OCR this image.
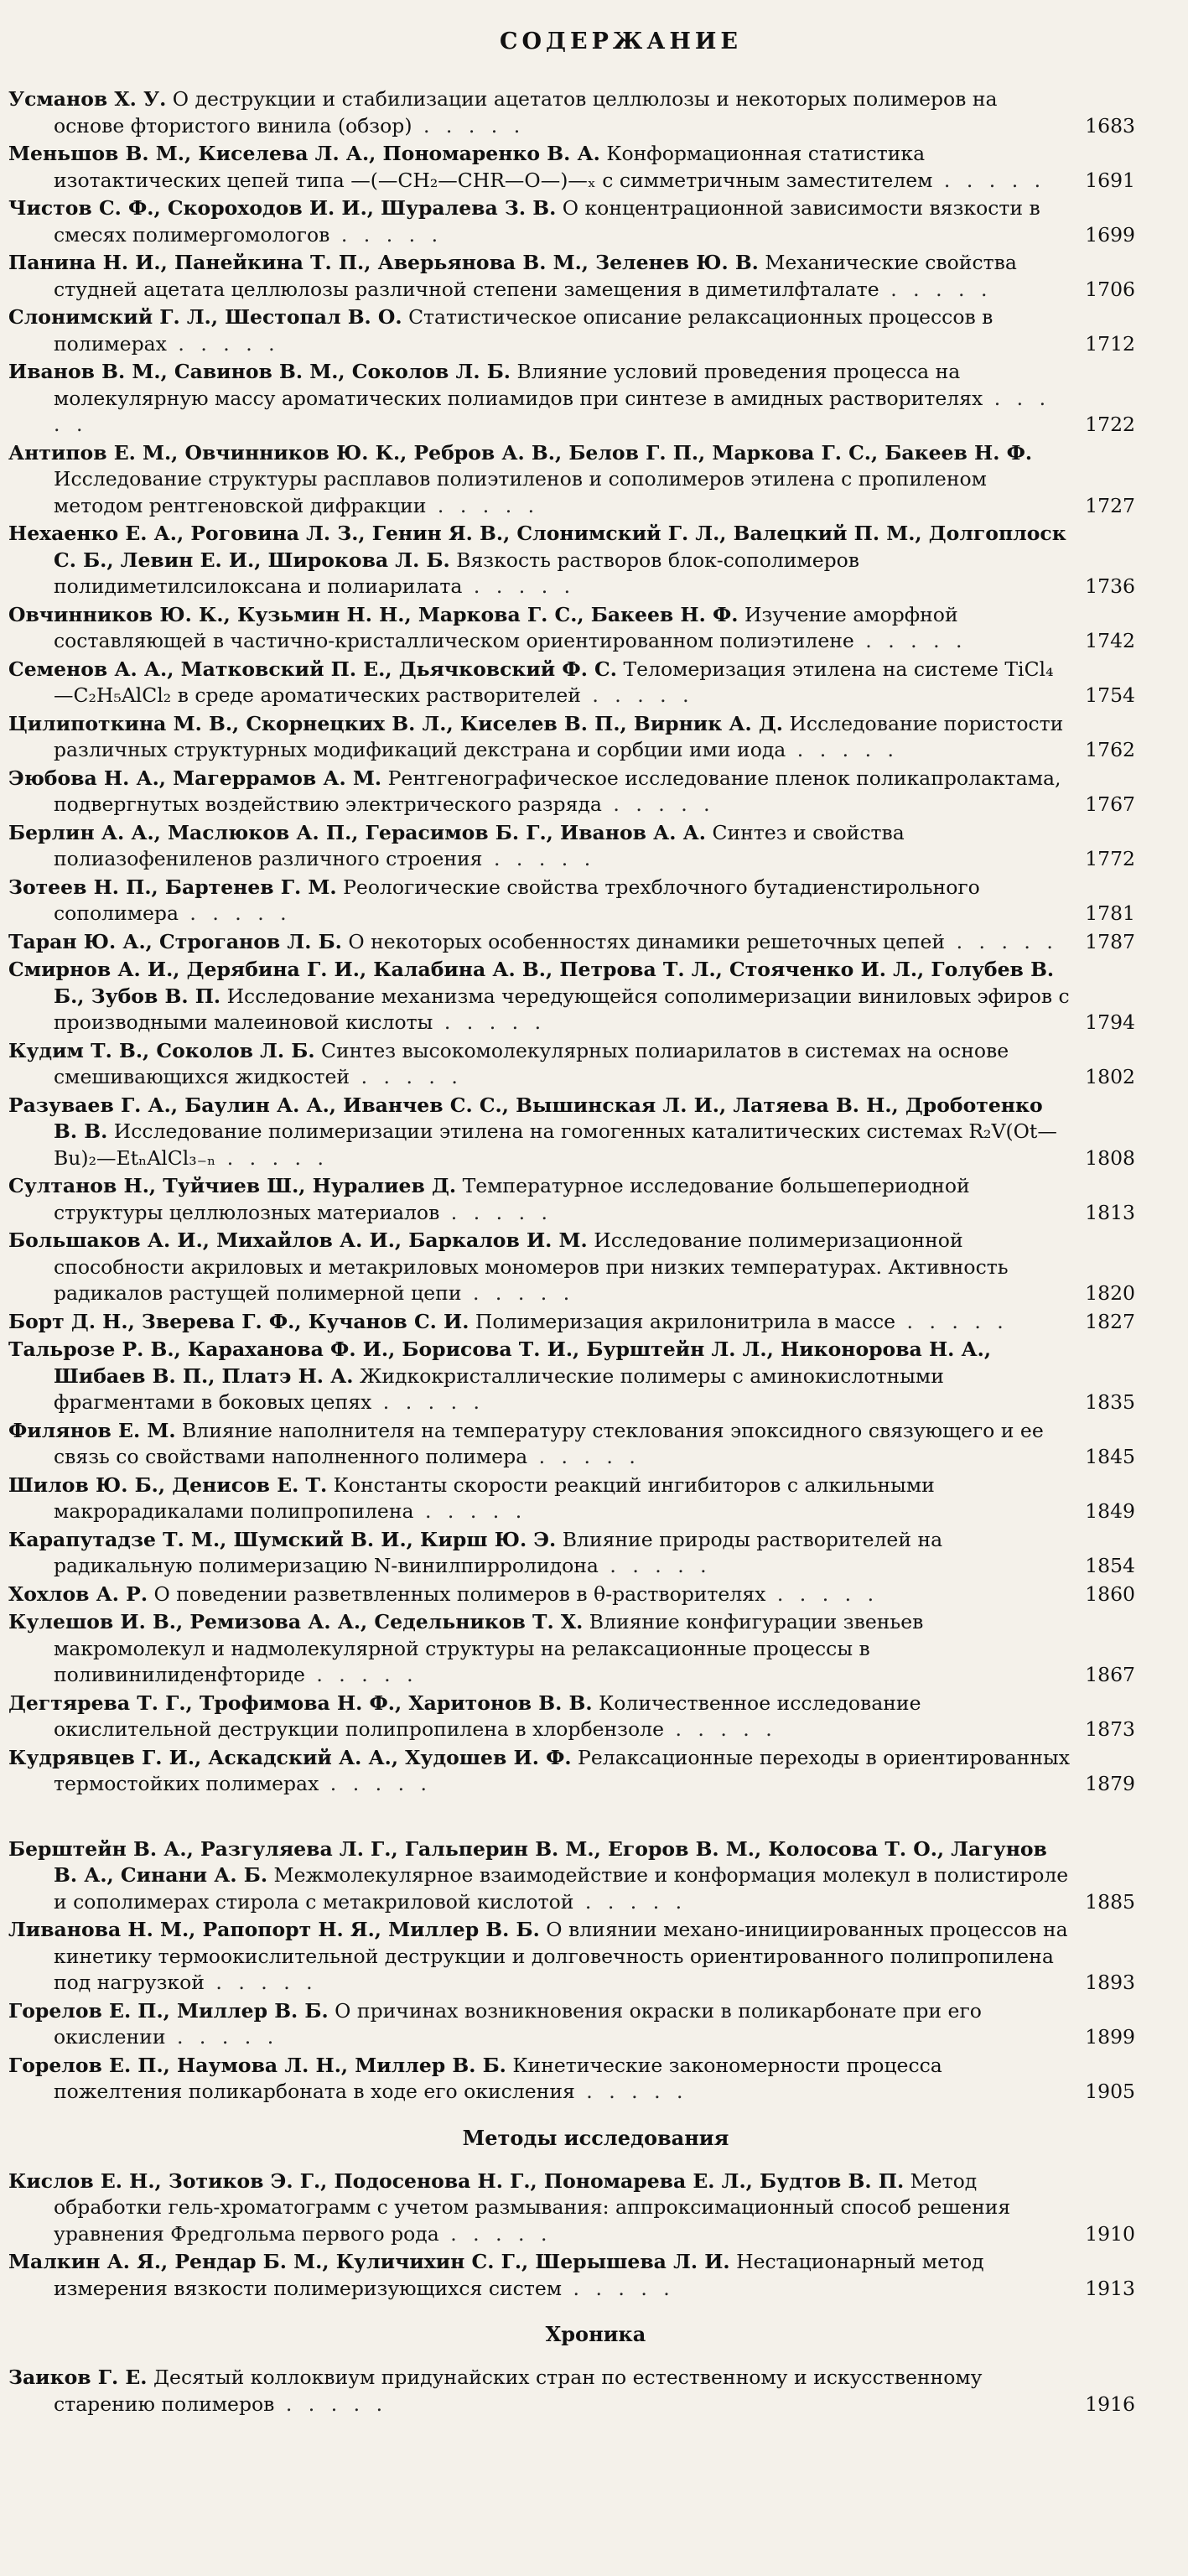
СОДЕРЖАНИЕ
Усманов Х. У. О деструкции и стабилизации ацетатов целлюлозы и некоторых полимеров на основе фтористого винила (обзор) . . . . .	1683
Меньшов В. М., Киселева Л. А., Пономаренко В. А. Конформационная статистика изотактических цепей типа —(—CH₂—CHR—O—)—ₓ с симметричным заместителем . . . . .	1691
Чистов С. Ф., Скороходов И. И., Шуралева З. В. О концентрационной зависимости вязкости в смесях полимергомологов . . . . .	1699
Панина Н. И., Панейкина Т. П., Аверьянова В. М., Зеленев Ю. В. Механические свойства студней ацетата целлюлозы различной степени замещения в диметилфталате . . . . .	1706
Слонимский Г. Л., Шестопал В. О. Статистическое описание релаксационных процессов в полимерах . . . . .	1712
Иванов В. М., Савинов В. М., Соколов Л. Б. Влияние условий проведения процесса на молекулярную массу ароматических полиамидов при синтезе в амидных растворителях . . . . .	1722
Антипов Е. М., Овчинников Ю. К., Ребров А. В., Белов Г. П., Маркова Г. С., Бакеев Н. Ф. Исследование структуры расплавов полиэтиленов и сополимеров этилена с пропиленом методом рентгеновской дифракции . . . . .	1727
Нехаенко Е. А., Роговина Л. З., Генин Я. В., Слонимский Г. Л., Валецкий П. М., Долгоплоск С. Б., Левин Е. И., Широкова Л. Б. Вязкость растворов блок-сополимеров полидиметилсилоксана и полиарилата . . . . .	1736
Овчинников Ю. К., Кузьмин Н. Н., Маркова Г. С., Бакеев Н. Ф. Изучение аморфной составляющей в частично-кристаллическом ориентированном полиэтилене . . . . .	1742
Семенов А. А., Матковский П. Е., Дьячковский Ф. С. Теломеризация этилена на системе TiCl₄—C₂H₅AlCl₂ в среде ароматических растворителей . . . . .	1754
Цилипоткина М. В., Скорнецких В. Л., Киселев В. П., Вирник А. Д. Исследование пористости различных структурных модификаций декстрана и сорбции ими иода . . . . .	1762
Эюбова Н. А., Магеррамов А. М. Рентгенографическое исследование пленок поликапролактама, подвергнутых воздействию электрического разряда . . . . .	1767
Берлин А. А., Маслюков А. П., Герасимов Б. Г., Иванов А. А. Синтез и свойства полиазофениленов различного строения . . . . .	1772
Зотеев Н. П., Бартенев Г. М. Реологические свойства трехблочного бутадиенстирольного сополимера . . . . .	1781
Таран Ю. А., Строганов Л. Б. О некоторых особенностях динамики решеточных цепей . . . . .	1787
Смирнов А. И., Дерябина Г. И., Калабина А. В., Петрова Т. Л., Стояченко И. Л., Голубев В. Б., Зубов В. П. Исследование механизма чередующейся сополимеризации виниловых эфиров с производными малеиновой кислоты . . . . .	1794
Кудим Т. В., Соколов Л. Б. Синтез высокомолекулярных полиарилатов в системах на основе смешивающихся жидкостей . . . . .	1802
Разуваев Г. А., Баулин А. А., Иванчев С. С., Вышинская Л. И., Латяева В. Н., Дроботенко В. В. Исследование полимеризации этилена на гомогенных каталитических системах R₂V(Ot—Bu)₂—EtₙAlCl₃₋ₙ . . . . .	1808
Султанов Н., Туйчиев Ш., Нуралиев Д. Температурное исследование большепериодной структуры целлюлозных материалов . . . . .	1813
Большаков А. И., Михайлов А. И., Баркалов И. М. Исследование полимеризационной способности акриловых и метакриловых мономеров при низких температурах. Активность радикалов растущей полимерной цепи . . . . .	1820
Борт Д. Н., Зверева Г. Ф., Кучанов С. И. Полимеризация акрилонитрила в массе . . . . .	1827
Тальрозе Р. В., Караханова Ф. И., Борисова Т. И., Бурштейн Л. Л., Никонорова Н. А., Шибаев В. П., Платэ Н. А. Жидкокристаллические полимеры с аминокислотными фрагментами в боковых цепях . . . . .	1835
Филянов Е. М. Влияние наполнителя на температуру стеклования эпоксидного связующего и ее связь со свойствами наполненного полимера . . . . .	1845
Шилов Ю. Б., Денисов Е. Т. Константы скорости реакций ингибиторов с алкильными макрорадикалами полипропилена . . . . .	1849
Карапутадзе Т. М., Шумский В. И., Кирш Ю. Э. Влияние природы растворителей на радикальную полимеризацию N-винилпирролидона . . . . .	1854
Хохлов А. Р. О поведении разветвленных полимеров в θ-растворителях . . . . .	1860
Кулешов И. В., Ремизова А. А., Седельников Т. Х. Влияние конфигурации звеньев макромолекул и надмолекулярной структуры на релаксационные процессы в поливинилиденфториде . . . . .	1867
Дегтярева Т. Г., Трофимова Н. Ф., Харитонов В. В. Количественное исследование окислительной деструкции полипропилена в хлорбензоле . . . . .	1873
Кудрявцев Г. И., Аскадский А. А., Худошев И. Ф. Релаксационные переходы в ориентированных термостойких полимерах . . . . .	1879
Берштейн В. А., Разгуляева Л. Г., Гальперин В. М., Егоров В. М., Колосова Т. О., Лагунов В. А., Синани А. Б. Межмолекулярное взаимодействие и конформация молекул в полистироле и сополимерах стирола с метакриловой кислотой . . . . .	1885
Ливанова Н. М., Рапопорт Н. Я., Миллер В. Б. О влиянии механо-инициированных процессов на кинетику термоокислительной деструкции и долговечность ориентированного полипропилена под нагрузкой . . . . .	1893
Горелов Е. П., Миллер В. Б. О причинах возникновения окраски в поликарбонате при его окислении . . . . .	1899
Горелов Е. П., Наумова Л. Н., Миллер В. Б. Кинетические закономерности процесса пожелтения поликарбоната в ходе его окисления . . . . .	1905
Методы исследования
Кислов Е. Н., Зотиков Э. Г., Подосенова Н. Г., Пономарева Е. Л., Будтов В. П. Метод обработки гель-хроматограмм с учетом размывания: аппроксимационный способ решения уравнения Фредгольма первого рода . . . . .	1910
Малкин А. Я., Рендар Б. М., Куличихин С. Г., Шерышева Л. И. Нестационарный метод измерения вязкости полимеризующихся систем . . . . .	1913
Хроника
Заиков Г. Е. Десятый коллоквиум придунайских стран по естественному и искусственному старению полимеров . . . . .	1916
